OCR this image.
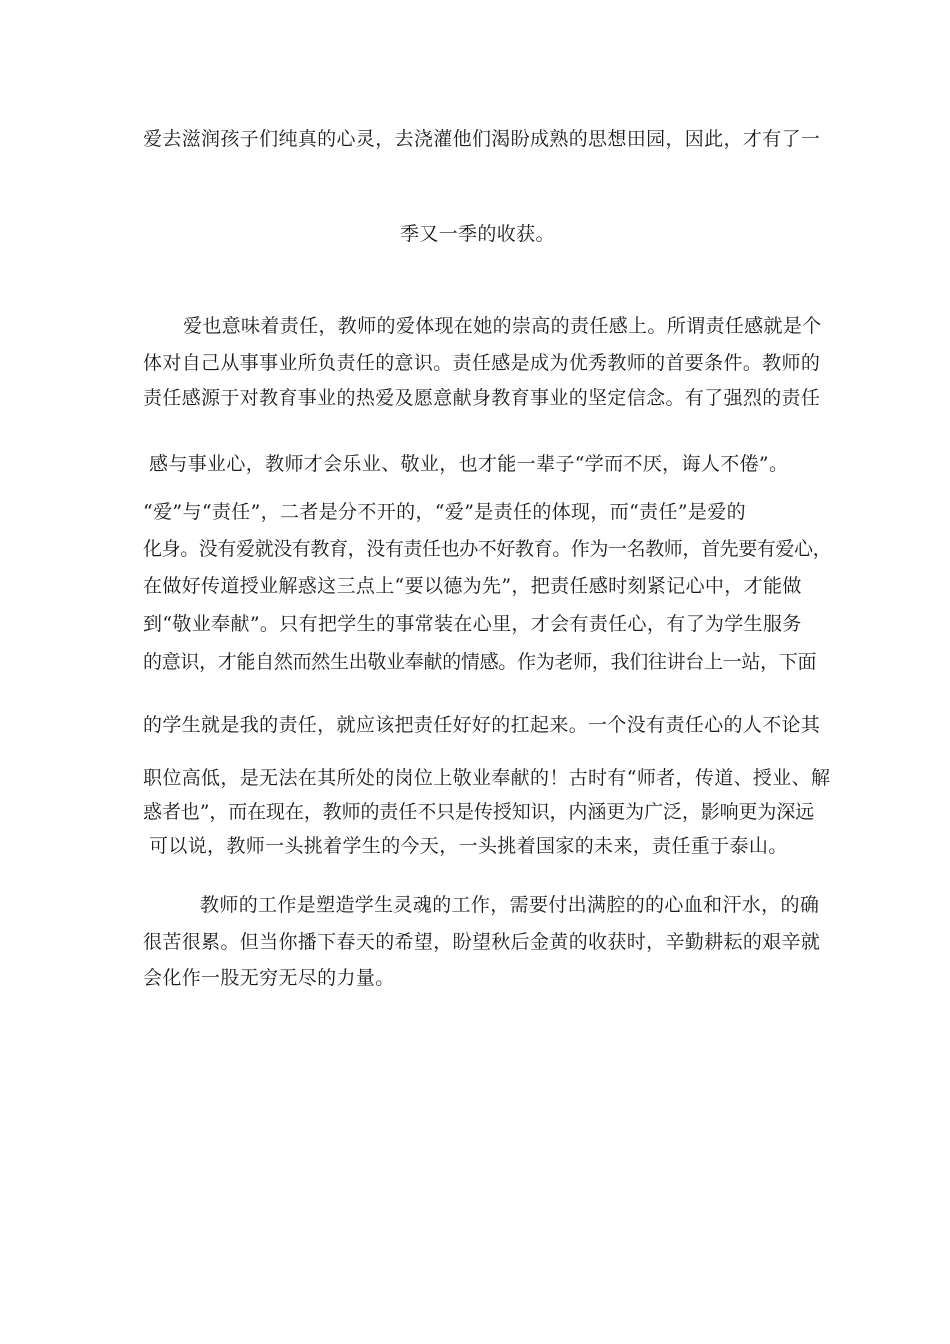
爱去滋润孩子们纯真的心灵，去浇灌他们渴盼成熟的思想田园，因此，才有了一
季又一季的收获。
爱也意味着责任，教师的爱体现在她的崇高的责任感上。所谓责任感就是个
体对自己从事事业所负责任的意识。责任感是成为优秀教师的首要条件。教师的
责任感源于对教育事业的热爱及愿意献身教育事业的坚定信念。有了强烈的责任
感与事业心，教师才会乐业、敬业，也才能一辈子“学而不厌，诲人不倦”。
“爱”与“责任”，二者是分不开的，“爱”是责任的体现，而“责任”是爱的
化身。没有爱就没有教育，没有责任也办不好教育。作为一名教师，首先要有爱心，
在做好传道授业解惑这三点上“要以德为先”，把责任感时刻紧记心中，才能做
到“敬业奉献”。只有把学生的事常装在心里，才会有责任心，有了为学生服务
的意识，才能自然而然生出敬业奉献的情感。作为老师，我们往讲台上一站，下面
的学生就是我的责任，就应该把责任好好的扛起来。一个没有责任心的人不论其
职位高低，是无法在其所处的岗位上敬业奉献的！古时有“师者，传道、授业、解
惑者也”，而在现在，教师的责任不只是传授知识，内涵更为广泛，影响更为深远
可以说，教师一头挑着学生的今天，一头挑着国家的未来，责任重于泰山。
教师的工作是塑造学生灵魂的工作，需要付出满腔的的心血和汗水，的确
很苦很累。但当你播下春天的希望，盼望秋后金黄的收获时，辛勤耕耘的艰辛就
会化作一股无穷无尽的力量。
